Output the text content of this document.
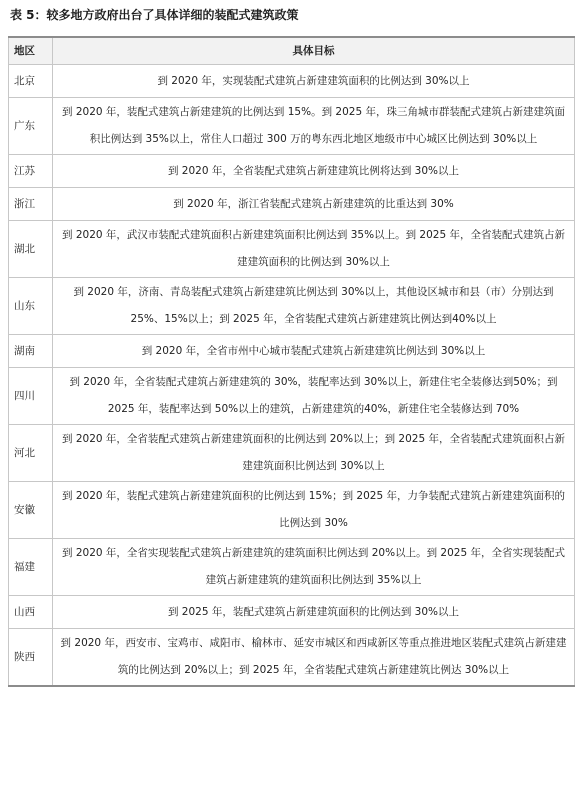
表 5：较多地方政府出台了具体详细的装配式建筑政策
地区	具体目标
北京	到 2020 年，实现装配式建筑占新建建筑面积的比例达到 30%以上
广东	到 2020 年，装配式建筑占新建建筑的比例达到 15%。到 2025 年，珠三角城市群装配式建筑占新建建筑面积比例达到 35%以上，常住人口超过 300 万的粤东西北地区地级市中心城区比例达到 30%以上
江苏	到 2020 年，全省装配式建筑占新建建筑比例将达到 30%以上
浙江	到 2020 年，浙江省装配式建筑占新建建筑的比重达到 30%
湖北	到 2020 年，武汉市装配式建筑面积占新建建筑面积比例达到 35%以上。到 2025 年，全省装配式建筑占新建建筑面积的比例达到 30%以上
山东	到 2020 年，济南、青岛装配式建筑占新建建筑比例达到 30%以上，其他设区城市和县（市）分别达到 25%、15%以上；到 2025 年，全省装配式建筑占新建建筑比例达到40%以上
湖南	到 2020 年，全省市州中心城市装配式建筑占新建建筑比例达到 30%以上
四川	到 2020 年，全省装配式建筑占新建建筑的 30%，装配率达到 30%以上，新建住宅全装修达到50%；到 2025 年，装配率达到 50%以上的建筑，占新建建筑的40%，新建住宅全装修达到 70%
河北	到 2020 年，全省装配式建筑占新建建筑面积的比例达到 20%以上；到 2025 年，全省装配式建筑面积占新建建筑面积比例达到 30%以上
安徽	到 2020 年，装配式建筑占新建建筑面积的比例达到 15%；到 2025 年，力争装配式建筑占新建建筑面积的比例达到 30%
福建	到 2020 年，全省实现装配式建筑占新建建筑的建筑面积比例达到 20%以上。到 2025 年，全省实现装配式建筑占新建建筑的建筑面积比例达到 35%以上
山西	到 2025 年，装配式建筑占新建建筑面积的比例达到 30%以上
陕西	到 2020 年，西安市、宝鸡市、咸阳市、榆林市、延安市城区和西咸新区等重点推进地区装配式建筑占新建建筑的比例达到 20%以上；到 2025 年，全省装配式建筑占新建建筑比例达 30%以上
